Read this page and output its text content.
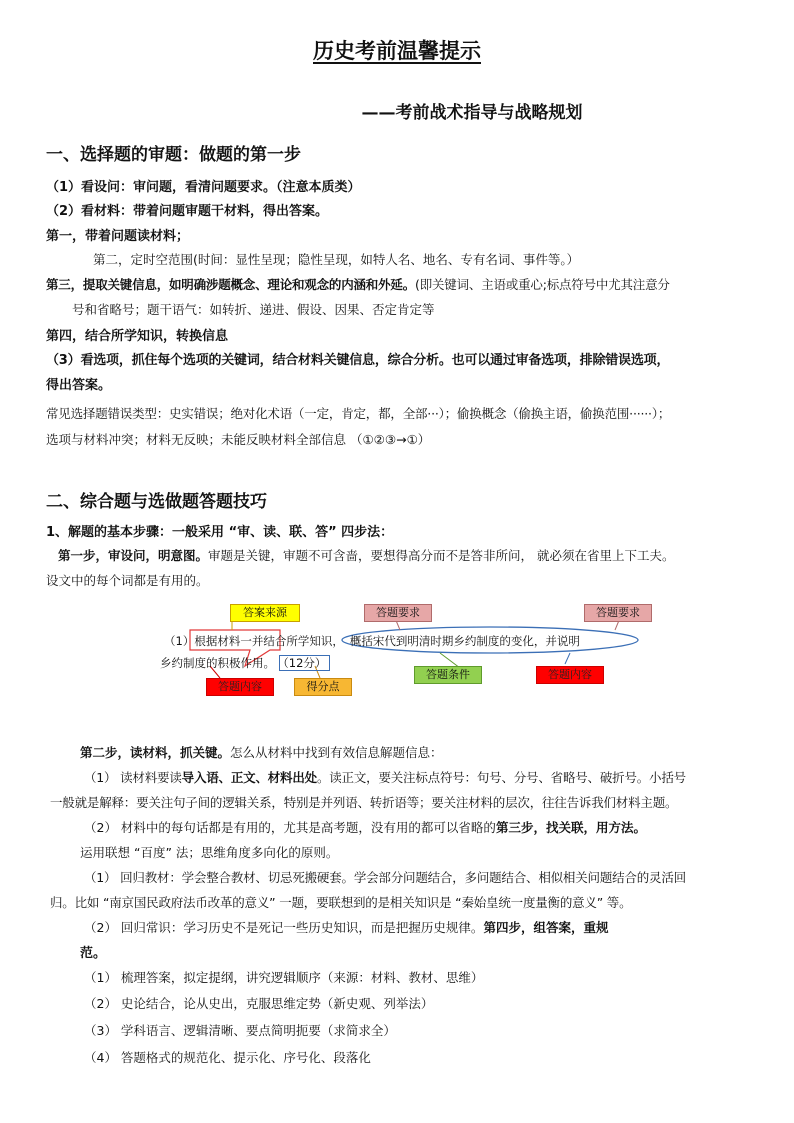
历史考前温馨提示
——考前战术指导与战略规划
一、选择题的审题：做题的第一步
（1）看设问：审问题，看清问题要求。（注意本质类）
（2）看材料：带着问题审题干材料，得出答案。
第一，带着问题读材料；
第二，定时空范围(时间：显性呈现；隐性呈现，如特人名、地名、专有名词、事件等。）
第三，提取关键信息，如明确涉题概念、理论和观念的内涵和外延。(即关键词、主语或重心;标点符号中尤其注意分
号和省略号；题干语气：如转折、递进、假设、因果、否定肯定等
第四，结合所学知识，转换信息
（3）看选项，抓住每个选项的关键词，结合材料关键信息，综合分析。也可以通过审备选项，排除错误选项，
得出答案。
常见选择题错误类型：史实错误；绝对化术语（一定，肯定，都，全部···）；偷换概念（偷换主语，偷换范围······）；
选项与材料冲突；材料无反映；未能反映材料全部信息 （①②③→①）
二、综合题与选做题答题技巧
1、解题的基本步骤：一般采用 “审、读、联、答” 四步法：
第一步，审设问，明意图。审题是关键，审题不可含啬，要想得高分而不是答非所问， 就必须在省里上下工夫。
设文中的每个词都是有用的。
答案来源	答题要求	答题要求
（1）根据材料一并结合所学知识， 概括宋代到明清时期乡约制度的变化，并说明
乡约制度的积极作用。 （12分）
答题内容	得分点
答题条件	答题内容
第二步，读材料，抓关键。怎么从材料中找到有效信息解题信息：
（1） 读材料要读导入语、正文、材料出处。读正文，要关注标点符号：句号、分号、省略号、破折号。小括号
一般就是解释：要关注句子间的逻辑关系，特别是并列语、转折语等；要关注材料的层次，往往告诉我们材料主题。
（2） 材料中的每句话都是有用的，尤其是高考题，没有用的都可以省略的第三步，找关联，用方法。
运用联想 “百度” 法；思维角度多向化的原则。
（1） 回归教材：学会整合教材、切忌死搬硬套。学会部分问题结合，多问题结合、相似相关问题结合的灵活回
归。比如 “南京国民政府法币改革的意义” 一题，要联想到的是相关知识是 “秦始皇统一度量衡的意义” 等。
（2） 回归常识：学习历史不是死记一些历史知识，而是把握历史规律。第四步，组答案，重规
范。
（1） 梳理答案，拟定提纲，讲究逻辑顺序（来源：材料、教材、思维）
（2） 史论结合，论从史出，克服思维定势（新史观、列举法）
（3） 学科语言、逻辑清晰、要点简明扼要（求简求全）
（4） 答题格式的规范化、提示化、序号化、段落化
